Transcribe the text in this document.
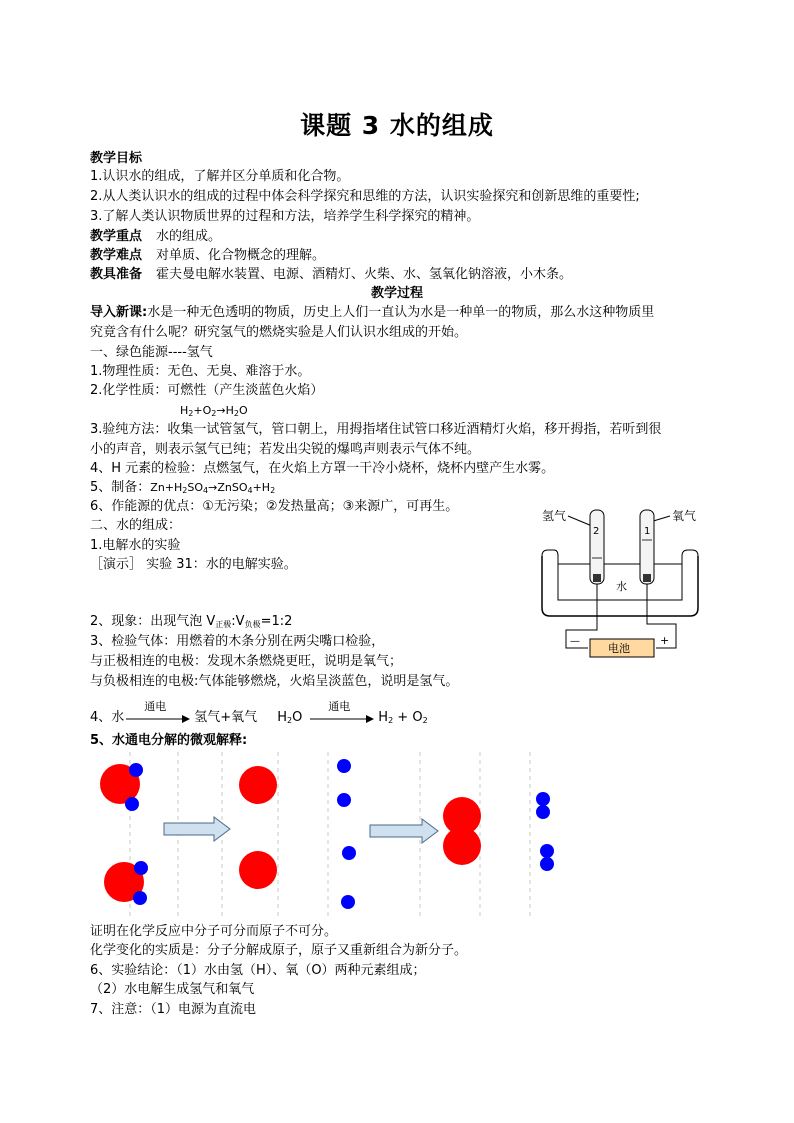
课题 3 水的组成
教学目标
1.认识水的组成，了解并区分单质和化合物。
2.从人类认识水的组成的过程中体会科学探究和思维的方法，认识实验探究和创新思维的重要性;
3.了解人类认识物质世界的过程和方法，培养学生科学探究的精神。
教学重点 水的组成。
教学难点 对单质、化合物概念的理解。
教具准备 霍夫曼电解水装置、电源、酒精灯、火柴、水、氢氧化钠溶液，小木条。
教学过程
导入新课:水是一种无色透明的物质，历史上人们一直认为水是一种单一的物质，那么水这种物质里
究竟含有什么呢？研究氢气的燃烧实验是人们认识水组成的开始。
一、绿色能源----氢气
1.物理性质：无色、无臭、难溶于水。
2.化学性质：可燃性（产生淡蓝色火焰）
$H_2+O_2\to H_2O$
3.验纯方法：收集一试管氢气，管口朝上，用拇指堵住试管口移近酒精灯火焰，移开拇指，若听到很
小的声音，则表示氢气已纯；若发出尖锐的爆鸣声则表示气体不纯。
4、H 元素的检验：点燃氢气，在火焰上方罩一干冷小烧杯，烧杯内壁产生水雾。
5、制备：$Zn+H_2SO_4\to ZnSO_4+H_2$
6、作能源的优点：①无污染；②发热量高；③来源广，可再生。
二、水的组成：
1.电解水的实验
［演示］ 实验 31：水的电解实验。
2、现象：出现气泡 $V_{正极}:V_{负极}=1:2$
3、检验气体：用燃着的木条分别在两尖嘴口检验，
与正极相连的电极：发现木条燃烧更旺，说明是氧气；
与负极相连的电极:气体能够燃烧，火焰呈淡蓝色，说明是氢气。
4、水
通电
氢气+氧气 $H_2O$
通电
$H_2 + O_2$
5、水通电分解的微观解释:
证明在化学反应中分子可分而原子不可分。
化学变化的实质是：分子分解成原子，原子又重新组合为新分子。
6、实验结论：（1）水由氢（H）、氧（O）两种元素组成；
（2）水电解生成氢气和氧气
7、注意：（1）电源为直流电
氢气	氧气
水
2	1
电池
—	+
